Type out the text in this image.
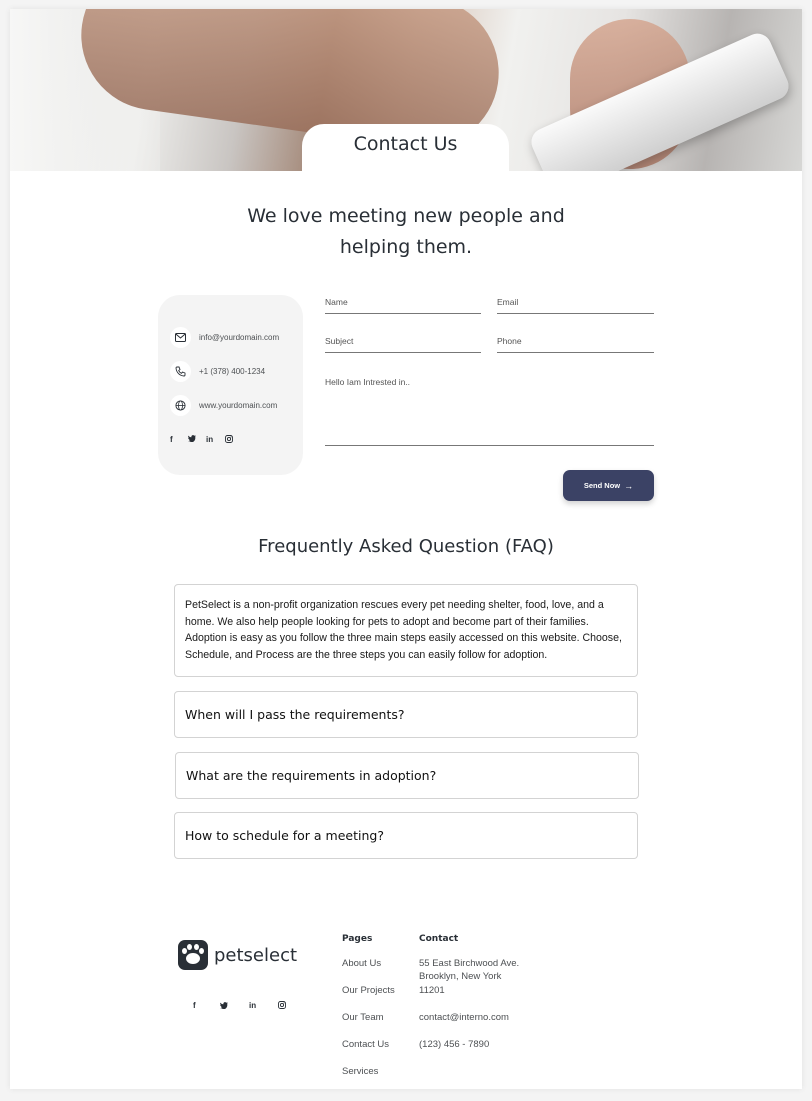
Contact Us
We love meeting new people and
helping them.
info@yourdomain.com
+1 (378) 400-1234
www.yourdomain.com
f	in
Name	Email
Subject	Phone
Hello Iam Intrested in..
Send Now →
Frequently Asked Question (FAQ)
PetSelect is a non-profit organization rescues every pet needing shelter, food, love, and a home. We also help people looking for pets to adopt and become part of their families. Adoption is easy as you follow the three main steps easily accessed on this website. Choose, Schedule, and Process are the three steps you can easily follow for adoption.
When will I pass the requirements?
What are the requirements in adoption?
How to schedule for a meeting?
petselect
f	in
Pages
About Us
Our Projects
Our Team
Contact Us
Services
Contact
55 East Birchwood Ave.
Brooklyn, New York
11201
contact@interno.com
(123) 456 - 7890
